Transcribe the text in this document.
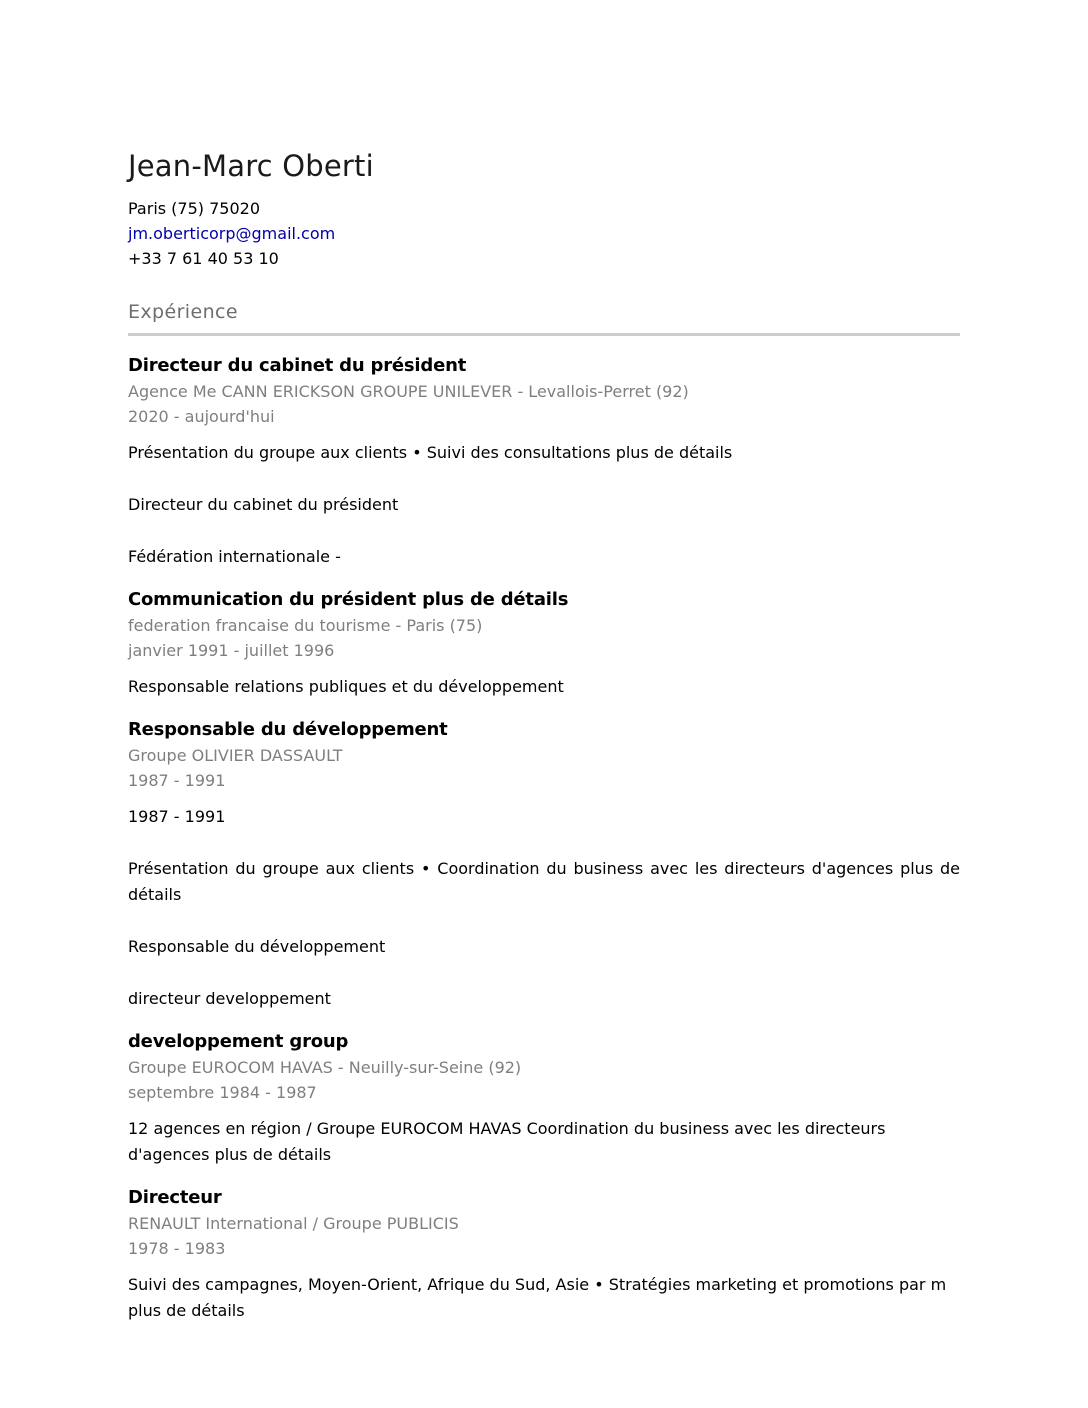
Jean-Marc Oberti
Paris (75) 75020
jm.oberticorp@gmail.com
+33 7 61 40 53 10
Expérience
Directeur du cabinet du président
Agence Me CANN ERICKSON GROUPE UNILEVER - Levallois-Perret (92)
2020 - aujourd'hui

Présentation du groupe aux clients • Suivi des consultations plus de détails

Directeur du cabinet du président

Fédération internationale -

Communication du président plus de détails
federation francaise du tourisme - Paris (75)
janvier 1991 - juillet 1996

Responsable relations publiques et du développement

Responsable du développement
Groupe OLIVIER DASSAULT
1987 - 1991

1987 - 1991

Présentation du groupe aux clients • Coordination du business avec les directeurs d'agences plus de détails

Responsable du développement

directeur developpement

developpement group
Groupe EUROCOM HAVAS - Neuilly-sur-Seine (92)
septembre 1984 - 1987

12 agences en région / Groupe EUROCOM HAVAS Coordination du business avec les directeurs d'agences plus de détails

Directeur
RENAULT International / Groupe PUBLICIS
1978 - 1983

Suivi des campagnes, Moyen-Orient, Afrique du Sud, Asie • Stratégies marketing et promotions par m plus de détails
